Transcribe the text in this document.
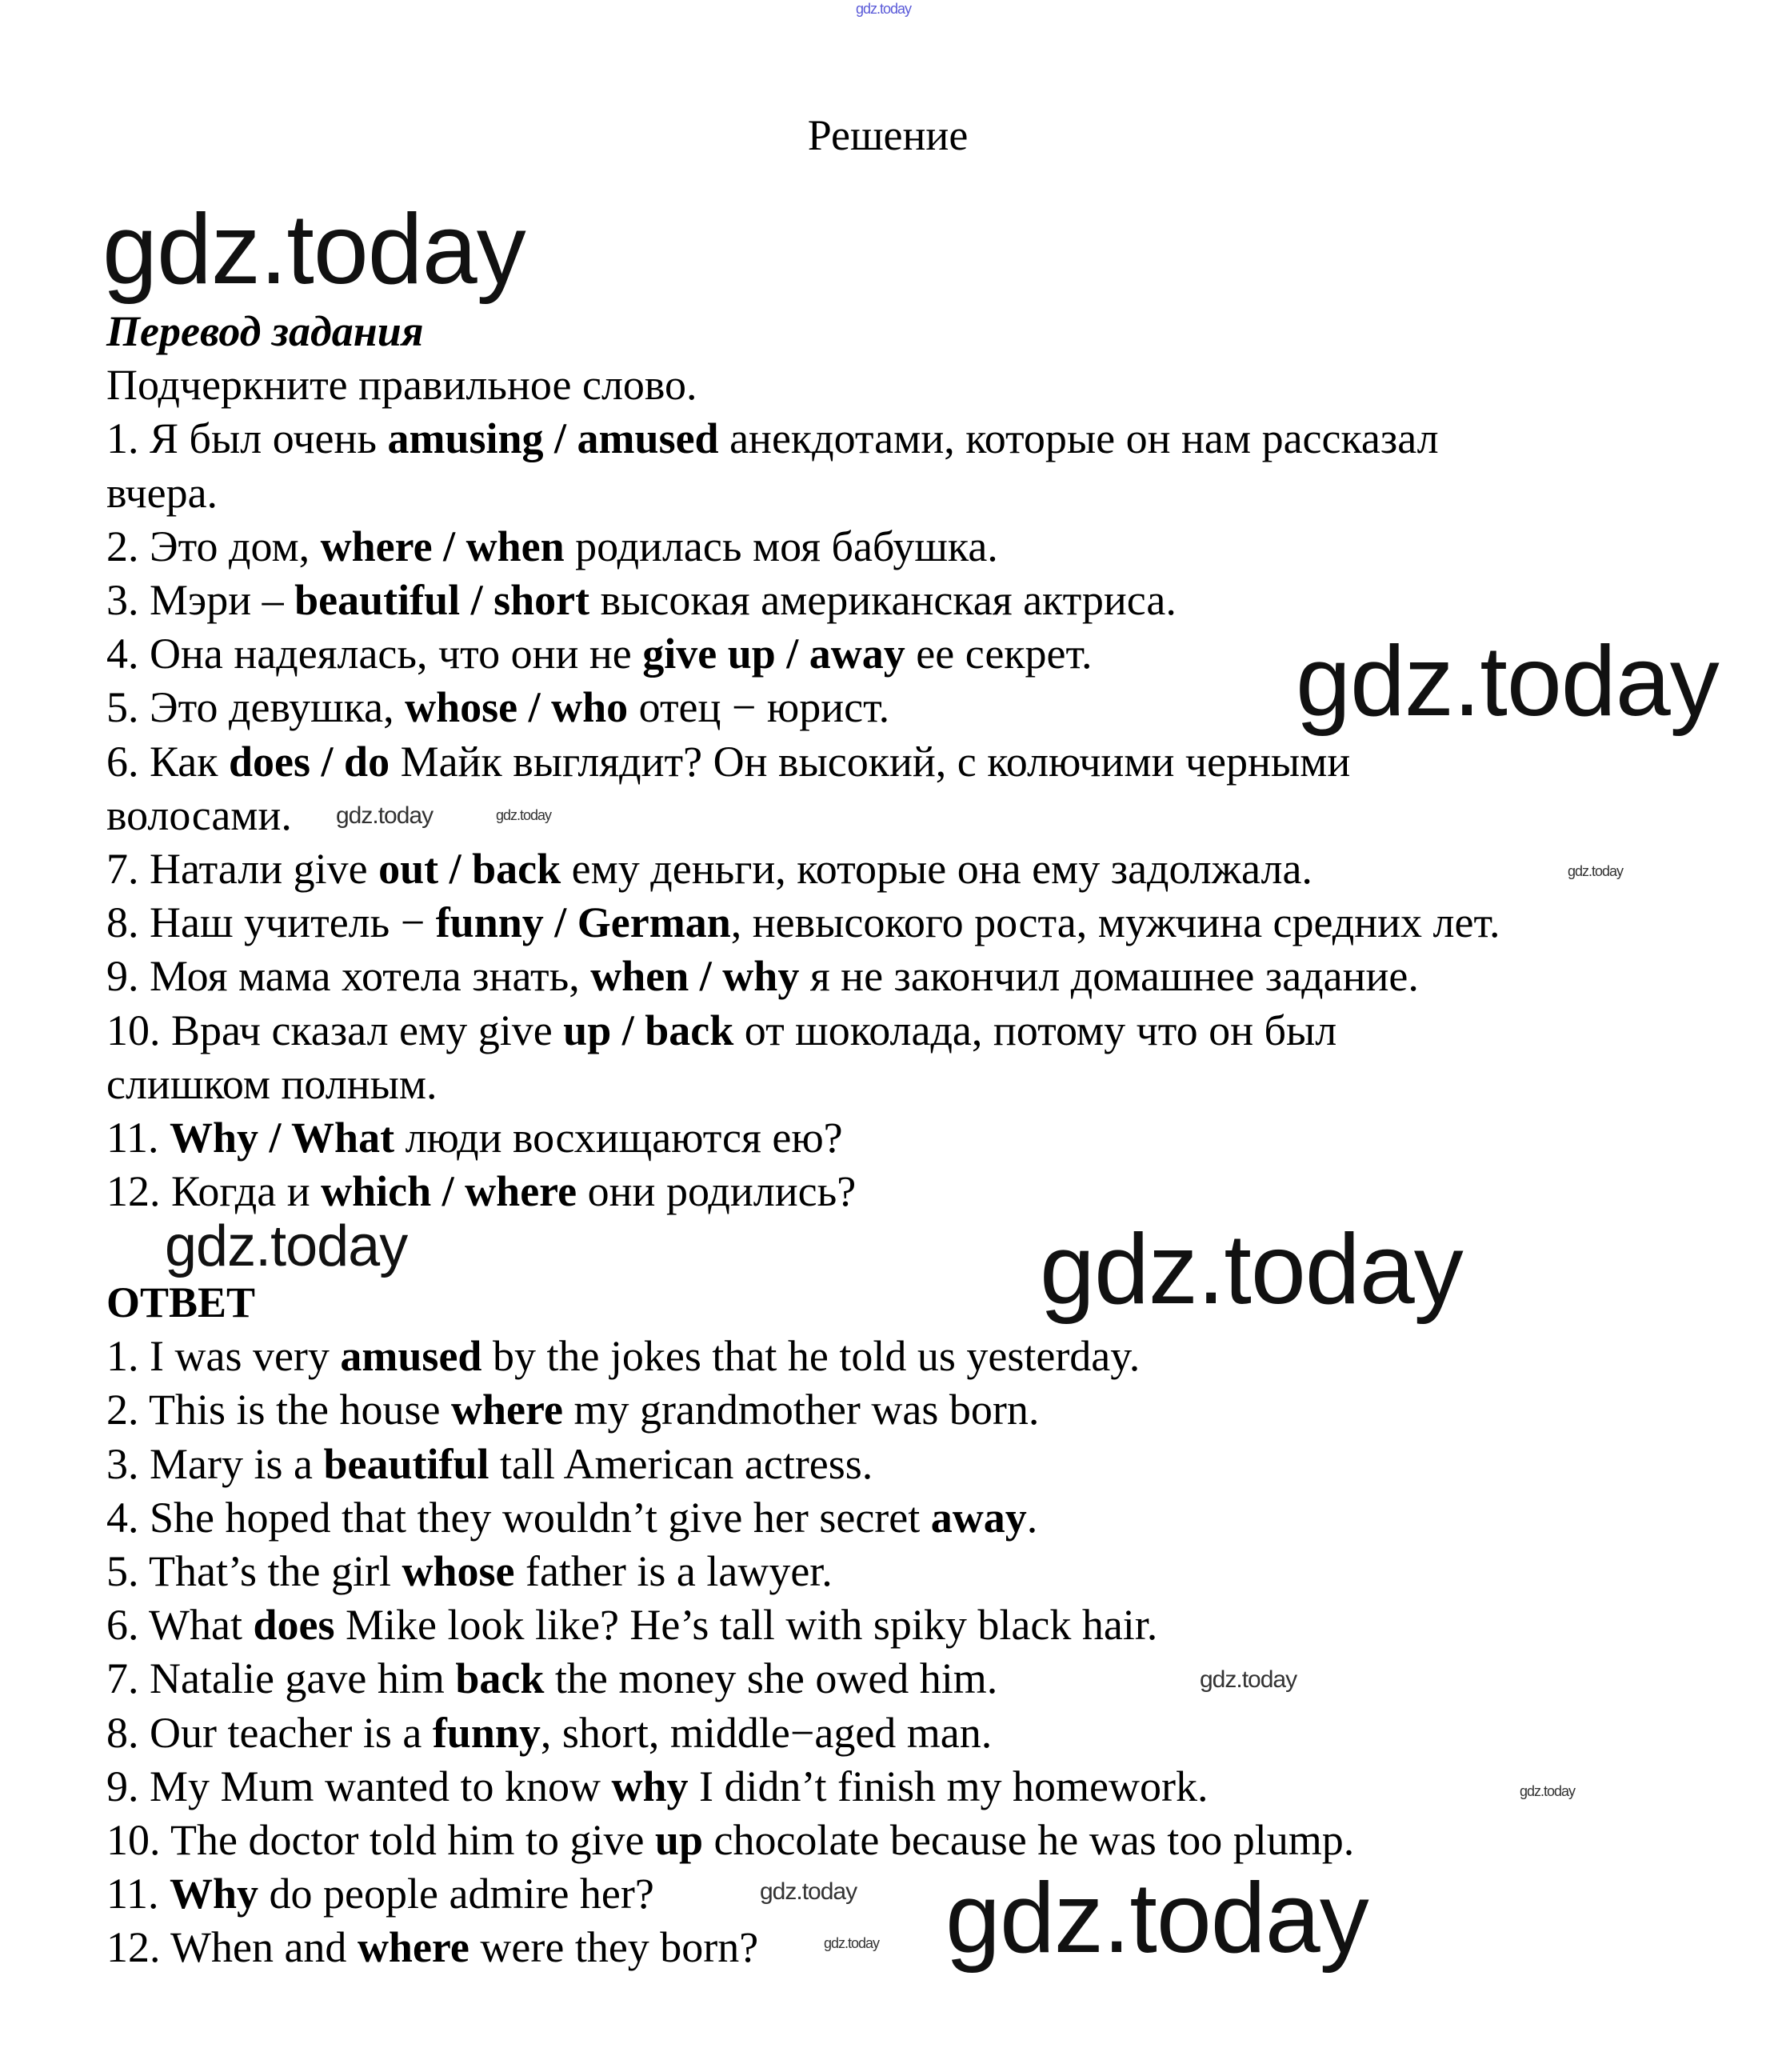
gdz.today
Решение
gdz.today
Перевод задания
Подчеркните правильное слово.
1. Я был очень amusing / amused анекдотами, которые он нам рассказал
вчера.
2. Это дом, where / when родилась моя бабушка.
3. Мэри – beautiful / short высокая американская актриса.
4. Она надеялась, что они не give up / away ее секрет.
5. Это девушка, whose / who отец − юрист.
6. Как does / do Майк выглядит? Он высокий, с колючими черными
волосами.
7. Натали give out / back ему деньги, которые она ему задолжала.
8. Наш учитель − funny / German, невысокого роста, мужчина средних лет.
9. Моя мама хотела знать, when / why я не закончил домашнее задание.
10. Врач сказал ему give up / back от шоколада, потому что он был
слишком полным.
11. Why / What люди восхищаются ею?
12. Когда и which / where они родились?
ОТВЕТ
1. I was very amused by the jokes that he told us yesterday.
2. This is the house where my grandmother was born.
3. Mary is a beautiful tall American actress.
4. She hoped that they wouldn’t give her secret away.
5. That’s the girl whose father is a lawyer.
6. What does Mike look like? He’s tall with spiky black hair.
7. Natalie gave him back the money she owed him.
8. Our teacher is a funny, short, middle−aged man.
9. My Mum wanted to know why I didn’t finish my homework.
10. The doctor told him to give up chocolate because he was too plump.
11. Why do people admire her?
12. When and where were they born?
gdz.today
gdz.today
gdz.today
gdz.today
gdz.today
gdz.today
gdz.today
gdz.today
gdz.today
gdz.today
gdz.today
